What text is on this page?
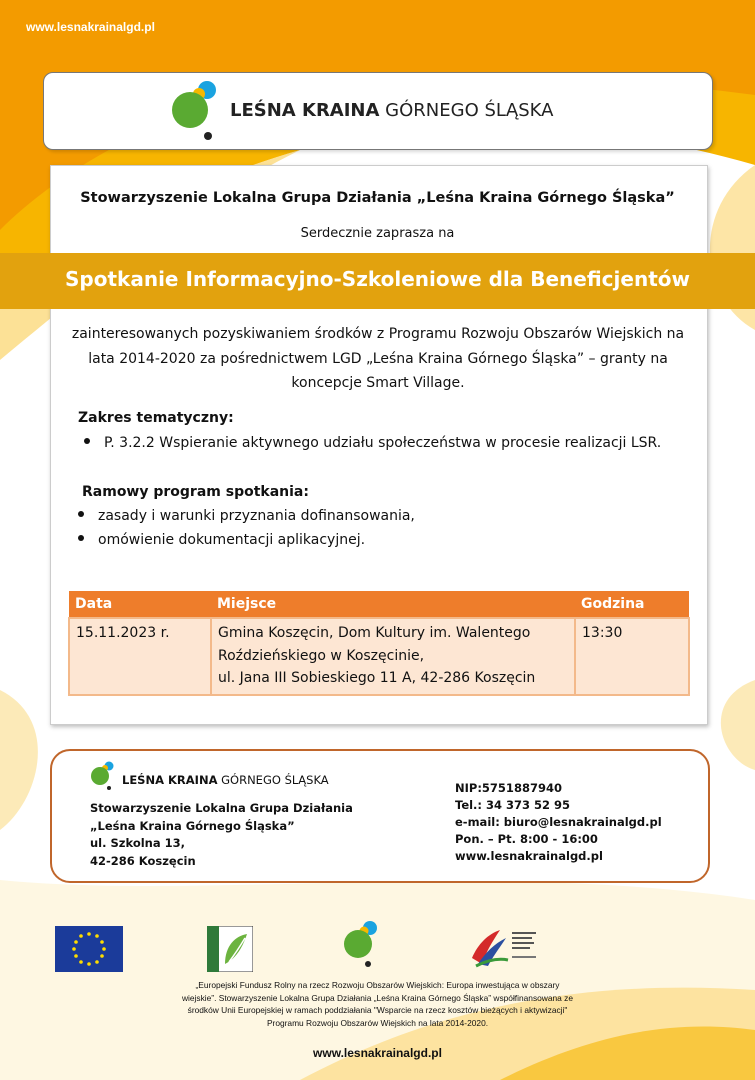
www.lesnakrainalgd.pl
LEŚNA KRAINA GÓRNEGO ŚLĄSKA
Stowarzyszenie Lokalna Grupa Działania „Leśna Kraina Górnego Śląska”
Serdecznie zaprasza na
Spotkanie Informacyjno-Szkoleniowe dla Beneficjentów
zainteresowanych pozyskiwaniem środków z Programu Rozwoju Obszarów Wiejskich na lata 2014-2020 za pośrednictwem LGD „Leśna Kraina Górnego Śląska” – granty na koncepcje Smart Village.
Zakres tematyczny:
P. 3.2.2 Wspieranie aktywnego udziału społeczeństwa w procesie realizacji LSR.
Ramowy program spotkania:
zasady i warunki przyznania dofinansowania,
omówienie dokumentacji aplikacyjnej.
Data	Miejsce	Godzina
15.11.2023 r.	Gmina Koszęcin, Dom Kultury im. Walentego
Roździeńskiego w Koszęcinie,
ul. Jana III Sobieskiego 11 A, 42-286 Koszęcin	13:30
LEŚNA KRAINA GÓRNEGO ŚLĄSKA
Stowarzyszenie Lokalna Grupa Działania
„Leśna Kraina Górnego Śląska”
ul. Szkolna 13,
42-286 Koszęcin
NIP:5751887940
Tel.: 34 373 52 95
e-mail: biuro@lesnakrainalgd.pl
Pon. – Pt. 8:00 - 16:00
www.lesnakrainalgd.pl
„Europejski Fundusz Rolny na rzecz Rozwoju Obszarów Wiejskich: Europa inwestująca w obszary
wiejskie”. Stowarzyszenie Lokalna Grupa Działania „Leśna Kraina Górnego Śląska” współfinansowana ze
środków Unii Europejskiej w ramach poddziałania "Wsparcie na rzecz kosztów bieżących i aktywizacji"
Programu Rozwoju Obszarów Wiejskich na lata 2014-2020.
www.lesnakrainalgd.pl
